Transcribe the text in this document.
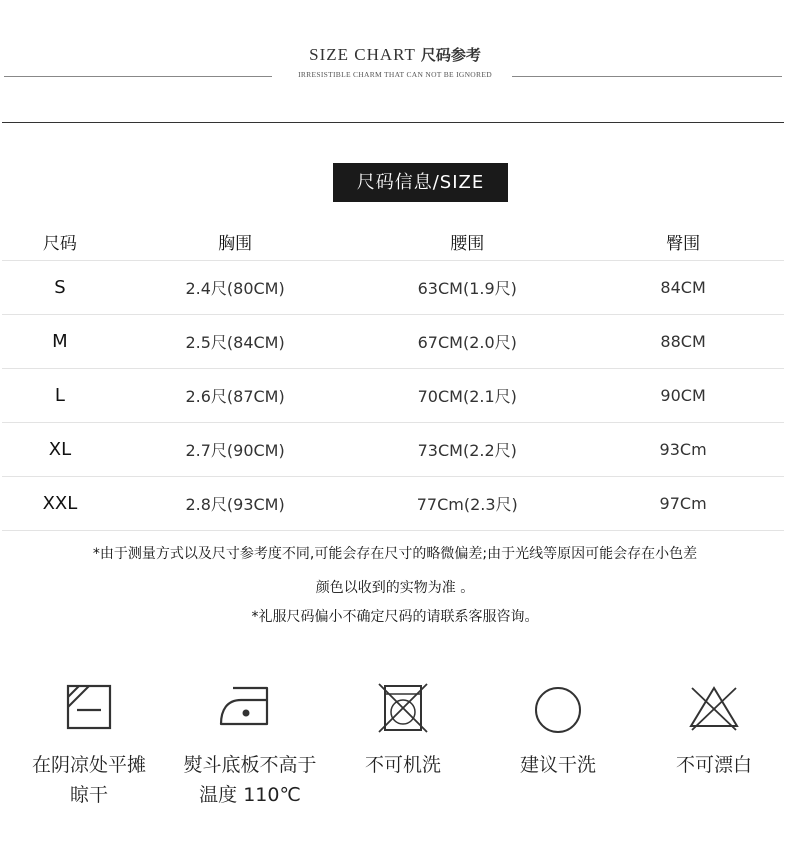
SIZE CHART 尺码参考
IRRESISTIBLE CHARM THAT CAN NOT BE IGNORED
尺码信息/SIZE
尺码	胸围	腰围	臀围
S	2.4尺(80CM)	63CM(1.9尺)	84CM
M	2.5尺(84CM)	67CM(2.0尺)	88CM
L	2.6尺(87CM)	70CM(2.1尺)	90CM
XL	2.7尺(90CM)	73CM(2.2尺)	93Cm
XXL	2.8尺(93CM)	77Cm(2.3尺)	97Cm
*由于测量方式以及尺寸参考度不同,可能会存在尺寸的略微偏差;由于光线等原因可能会存在小色差
颜色以收到的实物为准 。
*礼服尺码偏小不确定尺码的请联系客服咨询。
在阴凉处平摊
晾干
熨斗底板不高于
温度 110℃
不可机洗	建议干洗	不可漂白
